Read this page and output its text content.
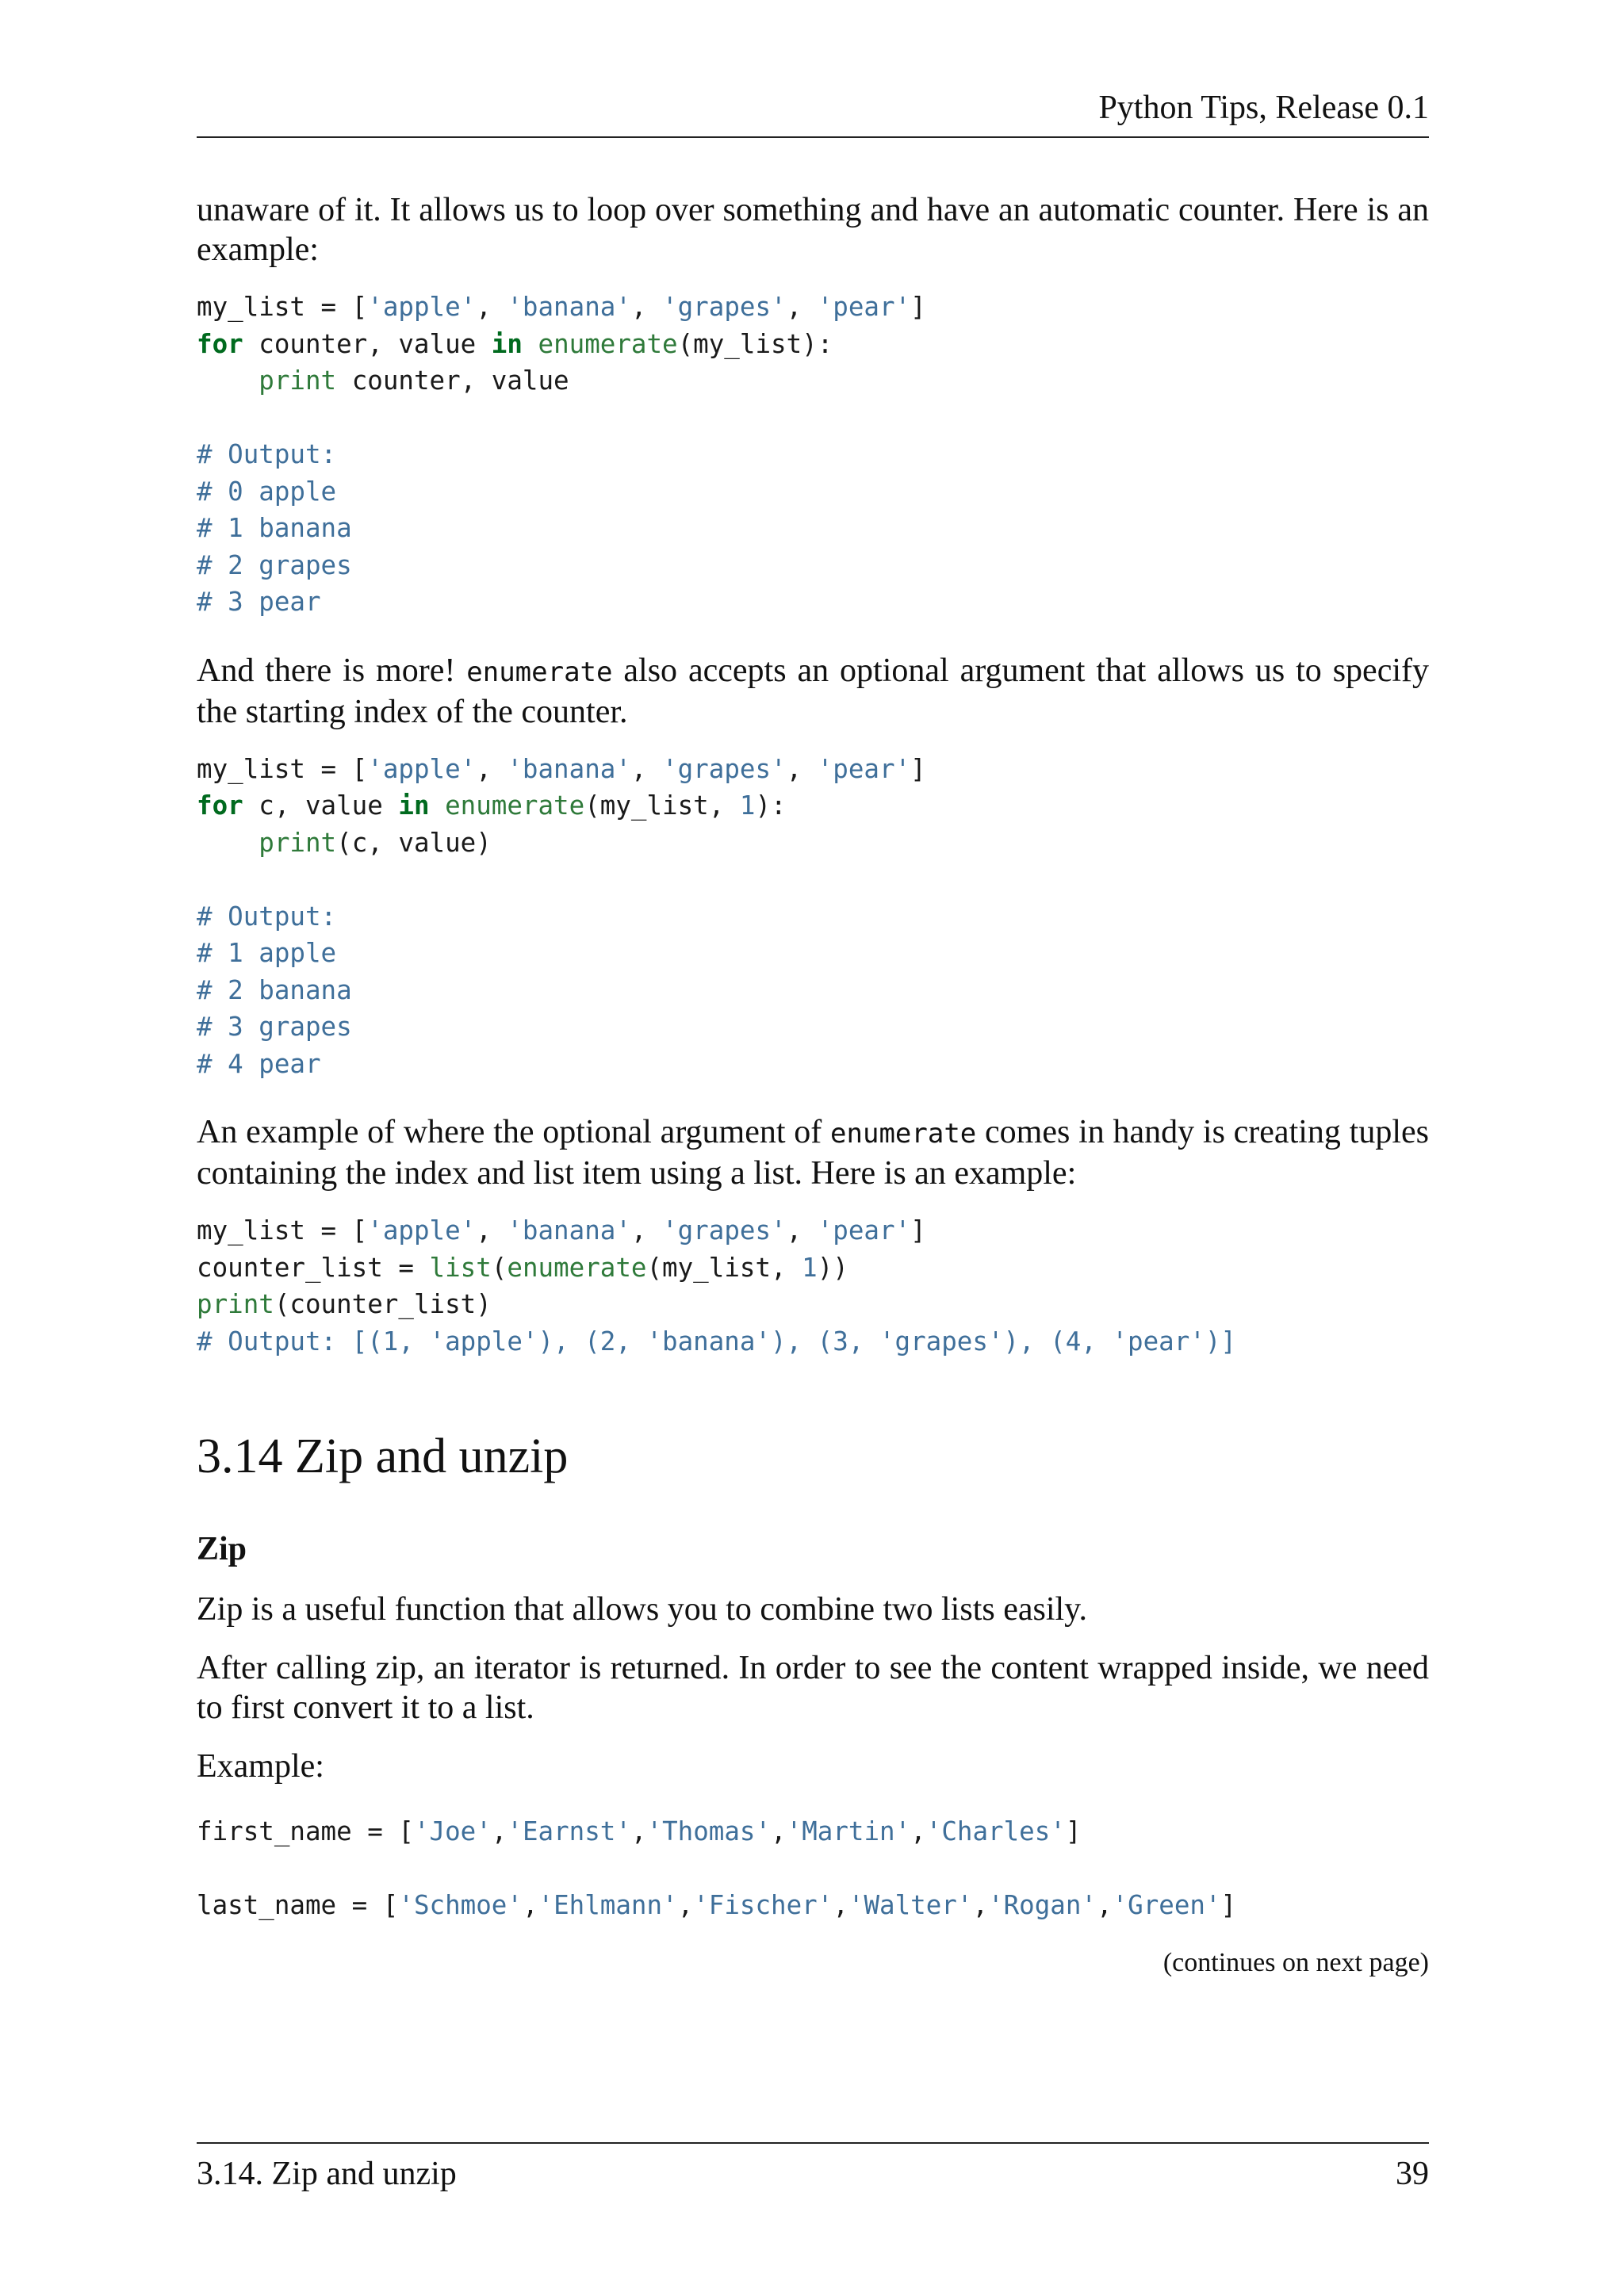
Python Tips, Release 0.1

unaware of it. It allows us to loop over something and have an automatic counter. Here is an example:

my_list = ['apple', 'banana', 'grapes', 'pear']
for counter, value in enumerate(my_list):
print counter, value

# Output:
# 0 apple
# 1 banana
# 2 grapes
# 3 pear

And there is more! enumerate also accepts an optional argument that allows us to specify the starting index of the counter.

my_list = ['apple', 'banana', 'grapes', 'pear']
for c, value in enumerate(my_list, 1):
print(c, value)

# Output:
# 1 apple
# 2 banana
# 3 grapes
# 4 pear

An example of where the optional argument of enumerate comes in handy is creating tuples containing the index and list item using a list. Here is an example:

my_list = ['apple', 'banana', 'grapes', 'pear']
counter_list = list(enumerate(my_list, 1))
print(counter_list)
# Output: [(1, 'apple'), (2, 'banana'), (3, 'grapes'), (4, 'pear')]
3.14 Zip and unzip
Zip

Zip is a useful function that allows you to combine two lists easily.

After calling zip, an iterator is returned. In order to see the content wrapped inside, we need to first convert it to a list.

Example:

first_name = ['Joe','Earnst','Thomas','Martin','Charles']

last_name = ['Schmoe','Ehlmann','Fischer','Walter','Rogan','Green']
(continues on next page)
3.14. Zip and unzip	39
